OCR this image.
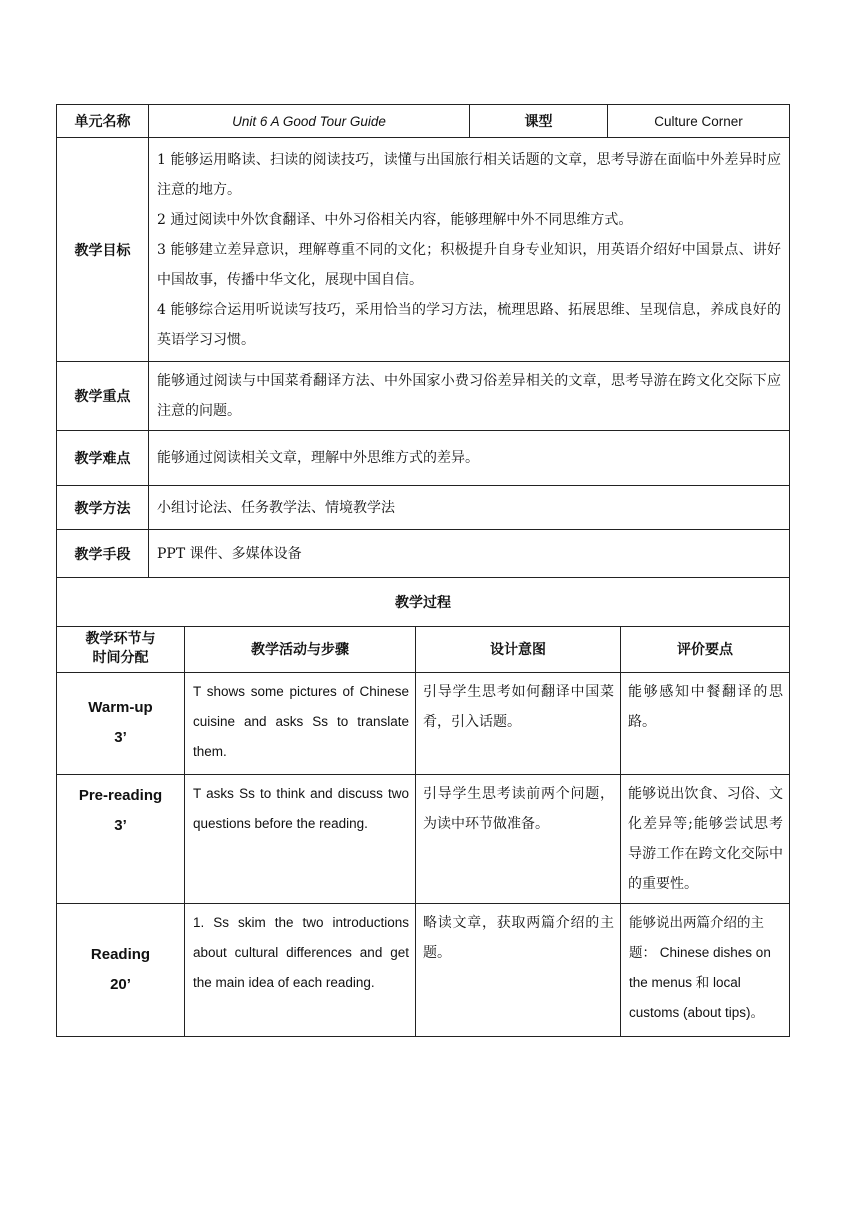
单元名称	Unit 6 A Good Tour Guide	课型	Culture Corner
教学目标	1 能够运用略读、扫读的阅读技巧，读懂与出国旅行相关话题的文章，思考导游在面临中外差异时应注意的地方。
2 通过阅读中外饮食翻译、中外习俗相关内容，能够理解中外不同思维方式。
3 能够建立差异意识，理解尊重不同的文化；积极提升自身专业知识，用英语介绍好中国景点、讲好中国故事，传播中华文化，展现中国自信。
4 能够综合运用听说读写技巧，采用恰当的学习方法，梳理思路、拓展思维、呈现信息，养成良好的英语学习习惯。		

教学重点	能够通过阅读与中国菜肴翻译方法、中外国家小费习俗差异相关的文章，思考导游在跨文化交际下应注意的问题。		
教学难点	能够通过阅读相关文章，理解中外思维方式的差异。		
教学方法	小组讨论法、任务教学法、情境教学法		
教学手段	PPT 课件、多媒体设备		
教学过程			

教学环节与
时间分配	教学活动与步骤	设计意图	评价要点

Warm-up
3’	T shows some pictures of Chinese cuisine and asks Ss to translate them.	引导学生思考如何翻译中国菜肴，引入话题。	能够感知中餐翻译的思路。

Pre-reading
3’	T asks Ss to think and discuss two questions before the reading.	引导学生思考读前两个问题，为读中环节做准备。	能够说出饮食、习俗、文化差异等;能够尝试思考导游工作在跨文化交际中的重要性。

Reading
20’	1. Ss skim the two introductions about cultural differences and get the main idea of each reading.	略读文章，获取两篇介绍的主题。	能够说出两篇介绍的主题： Chinese dishes on the menus 和 local customs (about tips)。
